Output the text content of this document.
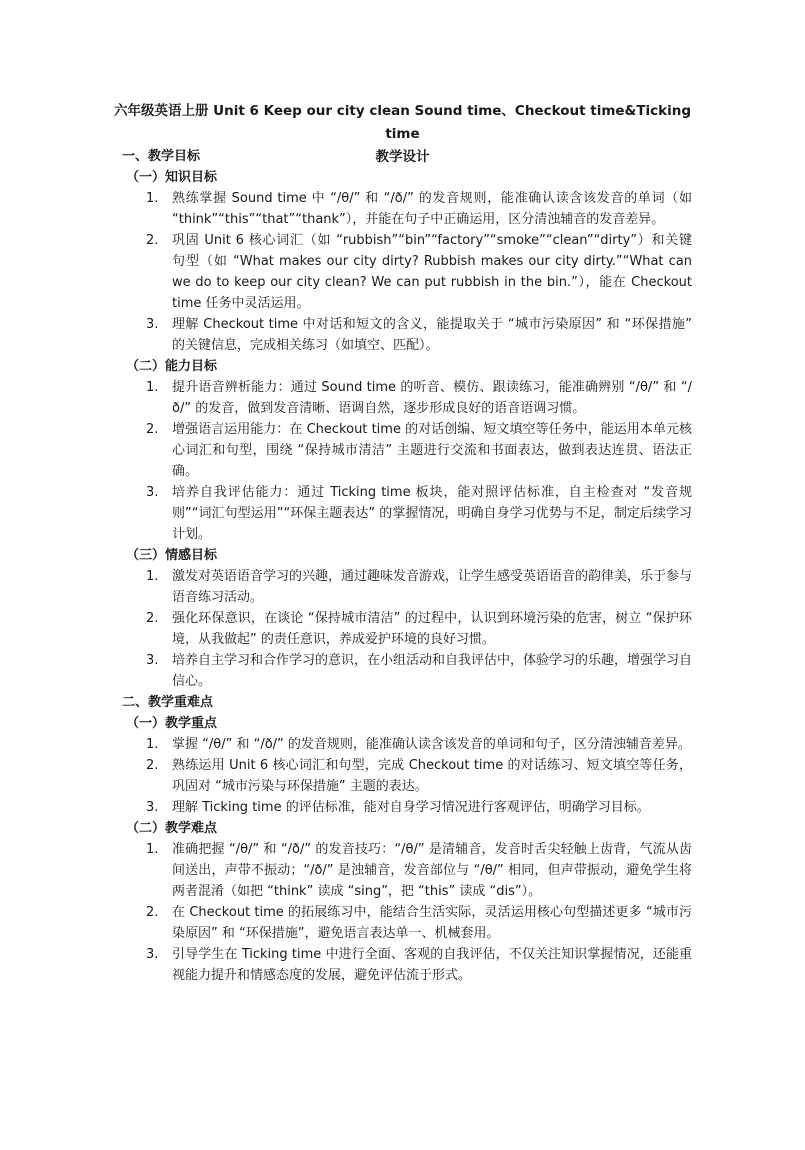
六年级英语上册 Unit 6 Keep our city clean Sound time、Checkout time&Ticking time
教学设计
一、教学目标
（一）知识目标
1. 熟练掌握 Sound time 中 “/θ/” 和 “/ð/” 的发音规则，能准确认读含该发音的单词（如 “think”“this”“that”“thank”），并能在句子中正确运用，区分清浊辅音的发音差异。
2. 巩固 Unit 6 核心词汇（如 “rubbish”“bin”“factory”“smoke”“clean”“dirty”）和关键句型（如 “What makes our city dirty? Rubbish makes our city dirty.”“What can we do to keep our city clean? We can put rubbish in the bin.”），能在 Checkout time 任务中灵活运用。
3. 理解 Checkout time 中对话和短文的含义，能提取关于 “城市污染原因” 和 “环保措施” 的关键信息，完成相关练习（如填空、匹配）。
（二）能力目标
1. 提升语音辨析能力：通过 Sound time 的听音、模仿、跟读练习，能准确辨别 “/θ/” 和 “/ð/” 的发音，做到发音清晰、语调自然，逐步形成良好的语音语调习惯。
2. 增强语言运用能力：在 Checkout time 的对话创编、短文填空等任务中，能运用本单元核心词汇和句型，围绕 “保持城市清洁” 主题进行交流和书面表达，做到表达连贯、语法正确。
3. 培养自我评估能力：通过 Ticking time 板块，能对照评估标准，自主检查对 “发音规则”“词汇句型运用”“环保主题表达” 的掌握情况，明确自身学习优势与不足，制定后续学习计划。
（三）情感目标
1. 激发对英语语音学习的兴趣，通过趣味发音游戏，让学生感受英语语音的韵律美，乐于参与语音练习活动。
2. 强化环保意识，在谈论 “保持城市清洁” 的过程中，认识到环境污染的危害，树立 “保护环境，从我做起” 的责任意识，养成爱护环境的良好习惯。
3. 培养自主学习和合作学习的意识，在小组活动和自我评估中，体验学习的乐趣，增强学习自信心。
二、教学重难点
（一）教学重点
1. 掌握 “/θ/” 和 “/ð/” 的发音规则，能准确认读含该发音的单词和句子，区分清浊辅音差异。
2. 熟练运用 Unit 6 核心词汇和句型，完成 Checkout time 的对话练习、短文填空等任务，巩固对 “城市污染与环保措施” 主题的表达。
3. 理解 Ticking time 的评估标准，能对自身学习情况进行客观评估，明确学习目标。
（二）教学难点
1. 准确把握 “/θ/” 和 “/ð/” 的发音技巧：“/θ/” 是清辅音，发音时舌尖轻触上齿背，气流从齿间送出，声带不振动；“/ð/” 是浊辅音，发音部位与 “/θ/” 相同，但声带振动，避免学生将两者混淆（如把 “think” 读成 “sing”，把 “this” 读成 “dis”）。
2. 在 Checkout time 的拓展练习中，能结合生活实际，灵活运用核心句型描述更多 “城市污染原因” 和 “环保措施”，避免语言表达单一、机械套用。
3. 引导学生在 Ticking time 中进行全面、客观的自我评估，不仅关注知识掌握情况，还能重视能力提升和情感态度的发展，避免评估流于形式。
